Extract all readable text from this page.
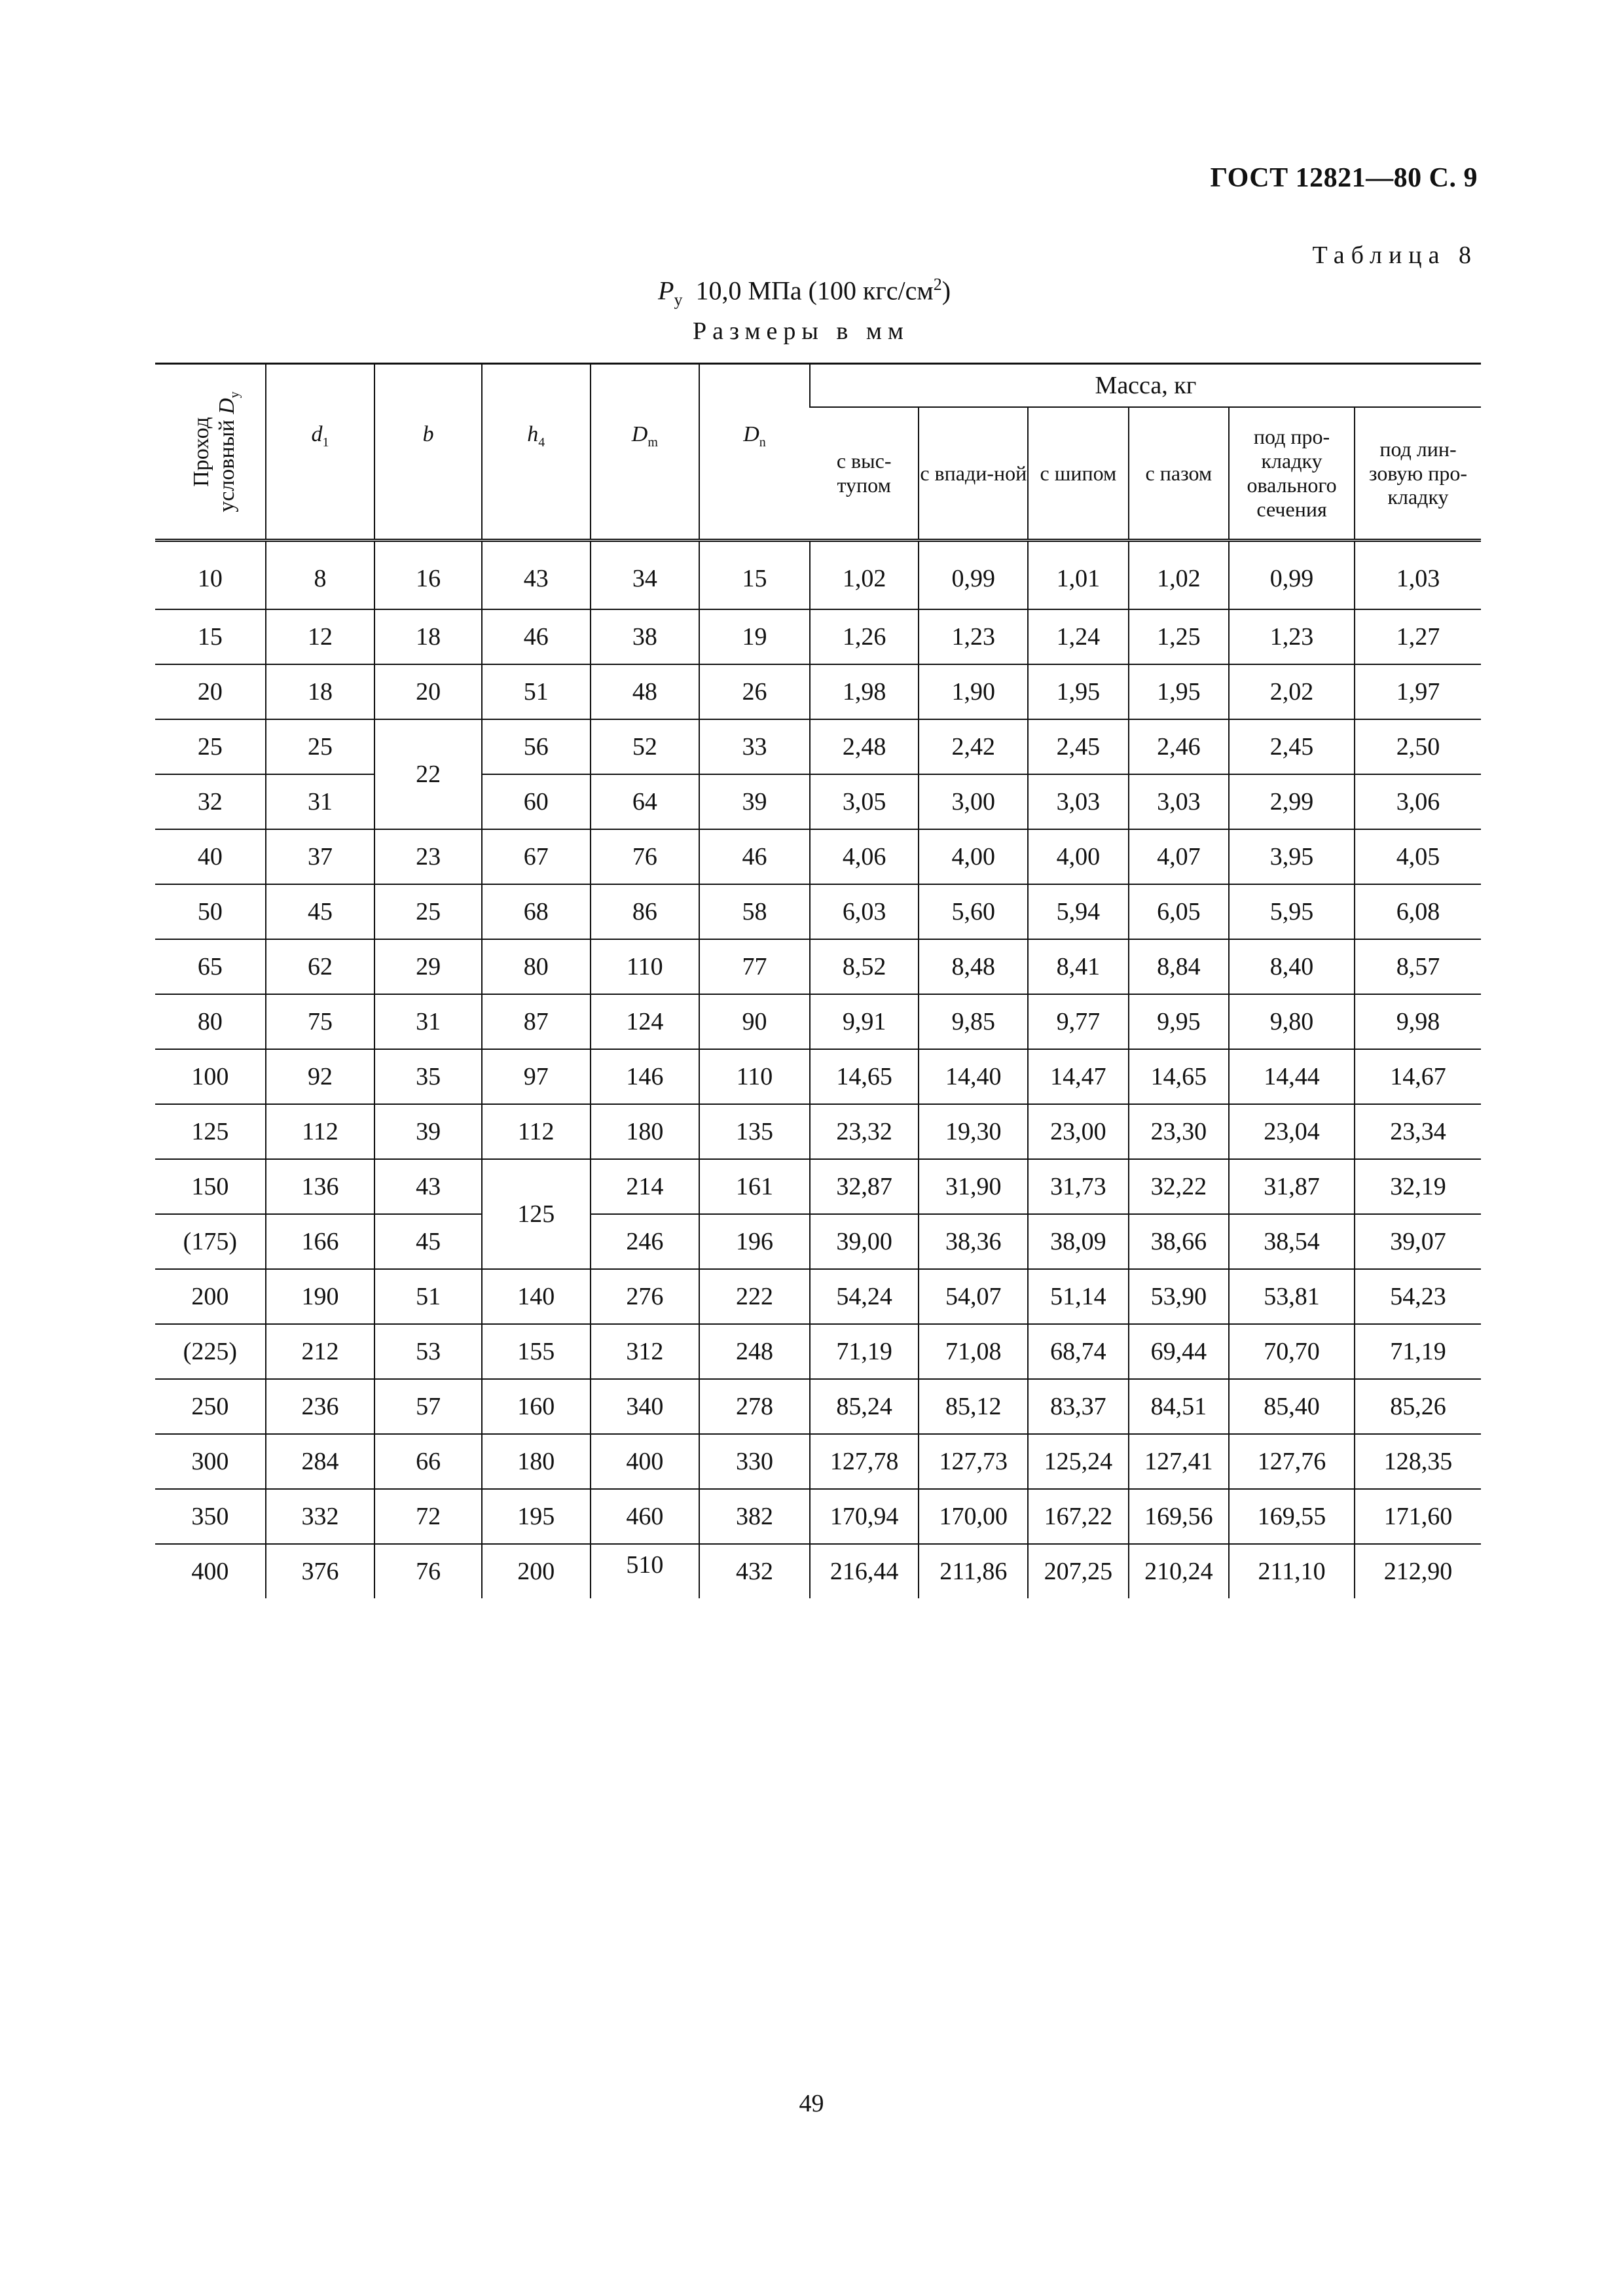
ГОСТ 12821—80 С. 9
Таблица 8
$P_у$ 10,0 МПа (100 кгс/$см^2$)
Размеры в мм
Проход
условный $D_у$	$d_1$	b	$h_4$	$D_m$	$D_n$	Масса, кг					
						с выс-тупом	с впади-ной	с шипом	с пазом	под про-кладку овального сечения	под лин-зовую про-кладку
10	8	16	43	34	15	1,02	0,99	1,01	1,02	0,99	1,03
15	12	18	46	38	19	1,26	1,23	1,24	1,25	1,23	1,27
20	18	20	51	48	26	1,98	1,90	1,95	1,95	2,02	1,97
25	25	22	56	52	33	2,48	2,42	2,45	2,46	2,45	2,50
32	31		60	64	39	3,05	3,00	3,03	3,03	2,99	3,06
40	37	23	67	76	46	4,06	4,00	4,00	4,07	3,95	4,05
50	45	25	68	86	58	6,03	5,60	5,94	6,05	5,95	6,08
65	62	29	80	110	77	8,52	8,48	8,41	8,84	8,40	8,57
80	75	31	87	124	90	9,91	9,85	9,77	9,95	9,80	9,98
100	92	35	97	146	110	14,65	14,40	14,47	14,65	14,44	14,67
125	112	39	112	180	135	23,32	19,30	23,00	23,30	23,04	23,34
150	136	43	125	214	161	32,87	31,90	31,73	32,22	31,87	32,19
(175)	166	45		246	196	39,00	38,36	38,09	38,66	38,54	39,07
200	190	51	140	276	222	54,24	54,07	51,14	53,90	53,81	54,23
(225)	212	53	155	312	248	71,19	71,08	68,74	69,44	70,70	71,19
250	236	57	160	340	278	85,24	85,12	83,37	84,51	85,40	85,26
300	284	66	180	400	330	127,78	127,73	125,24	127,41	127,76	128,35
350	332	72	195	460	382	170,94	170,00	167,22	169,56	169,55	171,60
400	376	76	200	510	432	216,44	211,86	207,25	210,24	211,10	212,90
49
